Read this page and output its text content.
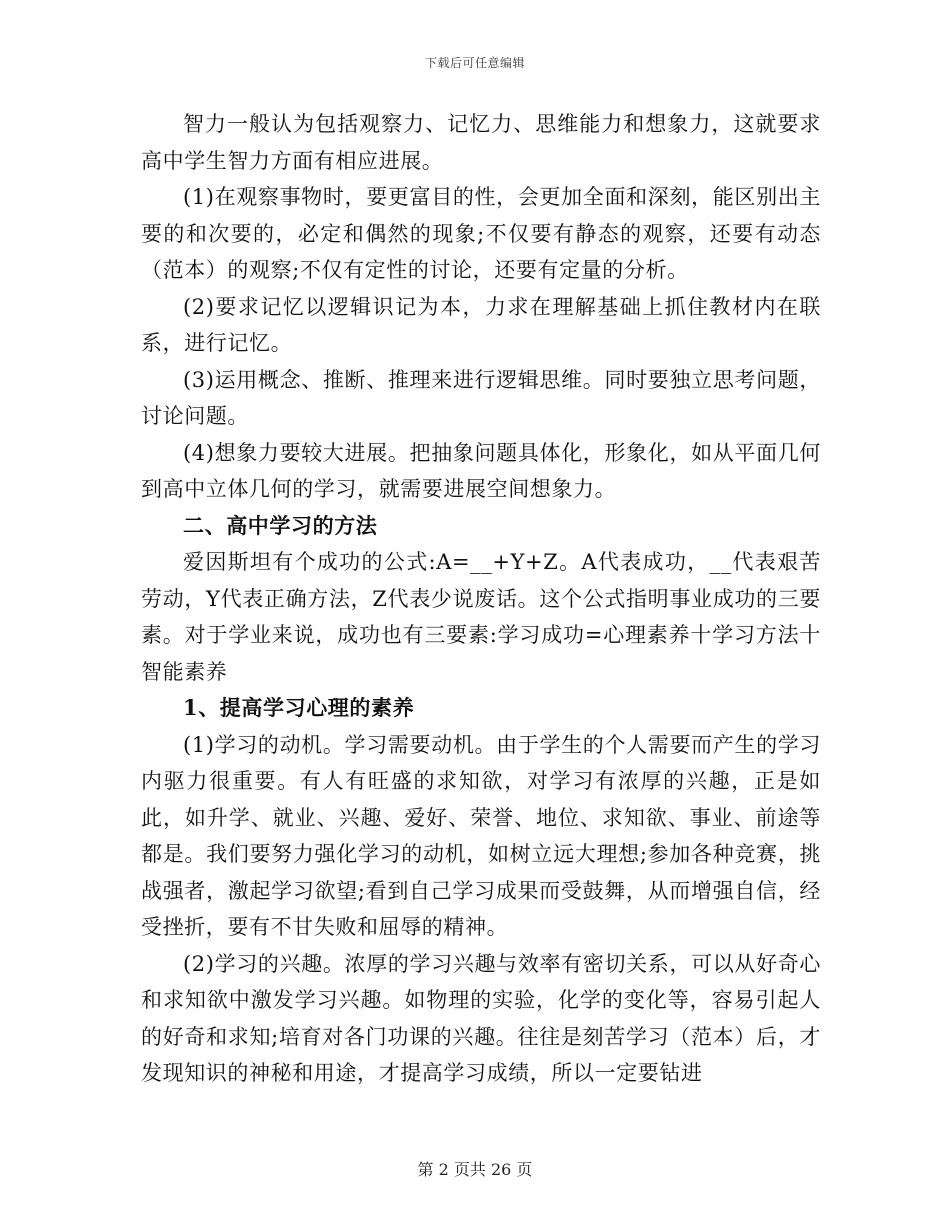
下载后可任意编辑

智力一般认为包括观察力、记忆力、思维能力和想象力，这就要求高中学生智力方面有相应进展。

(1)在观察事物时，要更富目的性，会更加全面和深刻，能区别出主要的和次要的，必定和偶然的现象;不仅要有静态的观察，还要有动态（范本）的观察;不仅有定性的讨论，还要有定量的分析。

(2)要求记忆以逻辑识记为本，力求在理解基础上抓住教材内在联系，进行记忆。

(3)运用概念、推断、推理来进行逻辑思维。同时要独立思考问题，讨论问题。

(4)想象力要较大进展。把抽象问题具体化，形象化，如从平面几何到高中立体几何的学习，就需要进展空间想象力。

二、高中学习的方法

爱因斯坦有个成功的公式:A=__+Y+Z。A代表成功，__代表艰苦劳动，Y代表正确方法，Z代表少说废话。这个公式指明事业成功的三要素。对于学业来说，成功也有三要素:学习成功=心理素养十学习方法十智能素养

1、提高学习心理的素养

(1)学习的动机。学习需要动机。由于学生的个人需要而产生的学习内驱力很重要。有人有旺盛的求知欲，对学习有浓厚的兴趣，正是如此，如升学、就业、兴趣、爱好、荣誉、地位、求知欲、事业、前途等都是。我们要努力强化学习的动机，如树立远大理想;参加各种竞赛，挑战强者，激起学习欲望;看到自己学习成果而受鼓舞，从而增强自信，经受挫折，要有不甘失败和屈辱的精神。

(2)学习的兴趣。浓厚的学习兴趣与效率有密切关系，可以从好奇心和求知欲中激发学习兴趣。如物理的实验，化学的变化等，容易引起人的好奇和求知;培育对各门功课的兴趣。往往是刻苦学习（范本）后，才发现知识的神秘和用途，才提高学习成绩，所以一定要钻进

第 2 页共 26 页
